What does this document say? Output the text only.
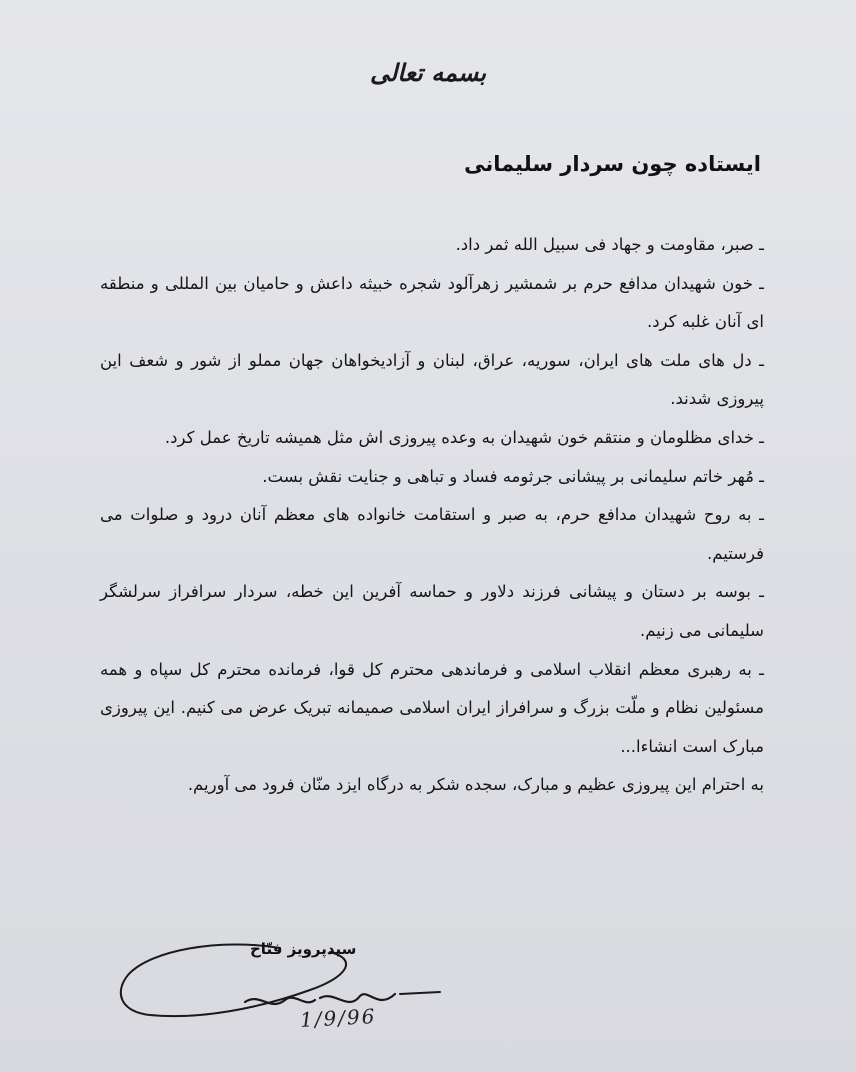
بسمه تعالی
ایستاده چون سردار سلیمانی

ـ صبر، مقاومت و جهاد فی سبیل الله ثمر داد.

ـ خون شهیدان مدافع حرم بر شمشیر زهرآلود شجره خبیثه داعش و حامیان بین المللی و منطقه ای آنان غلبه کرد.

ـ دل های ملت های ایران، سوریه، عراق، لبنان و آزادیخواهان جهان مملو از شور و شعف این پیروزی شدند.

ـ خدای مظلومان و منتقم خون شهیدان به وعده پیروزی اش مثل همیشه تاریخ عمل کرد.

ـ مُهر خاتم سلیمانی بر پیشانی جرثومه فساد و تباهی و جنایت نقش بست.

ـ به روح شهیدان مدافع حرم، به صبر و استقامت خانواده های معظم آنان درود و صلوات می فرستیم.

ـ بوسه بر دستان و پیشانی فرزند دلاور و حماسه آفرین این خطه، سردار سرافراز سرلشگر سلیمانی می زنیم.

ـ به رهبری معظم انقلاب اسلامی و فرماندهی محترم کل قوا، فرمانده محترم کل سپاه و همه مسئولین نظام و ملّت بزرگ و سرافراز ایران اسلامی صمیمانه تبریک عرض می کنیم. این پیروزی مبارک است انشاءا...

به احترام این پیروزی عظیم و مبارک، سجده شکر به درگاه ایزد منّان فرود می آوریم.

سیدپرویز فتّاح
1/9/96
